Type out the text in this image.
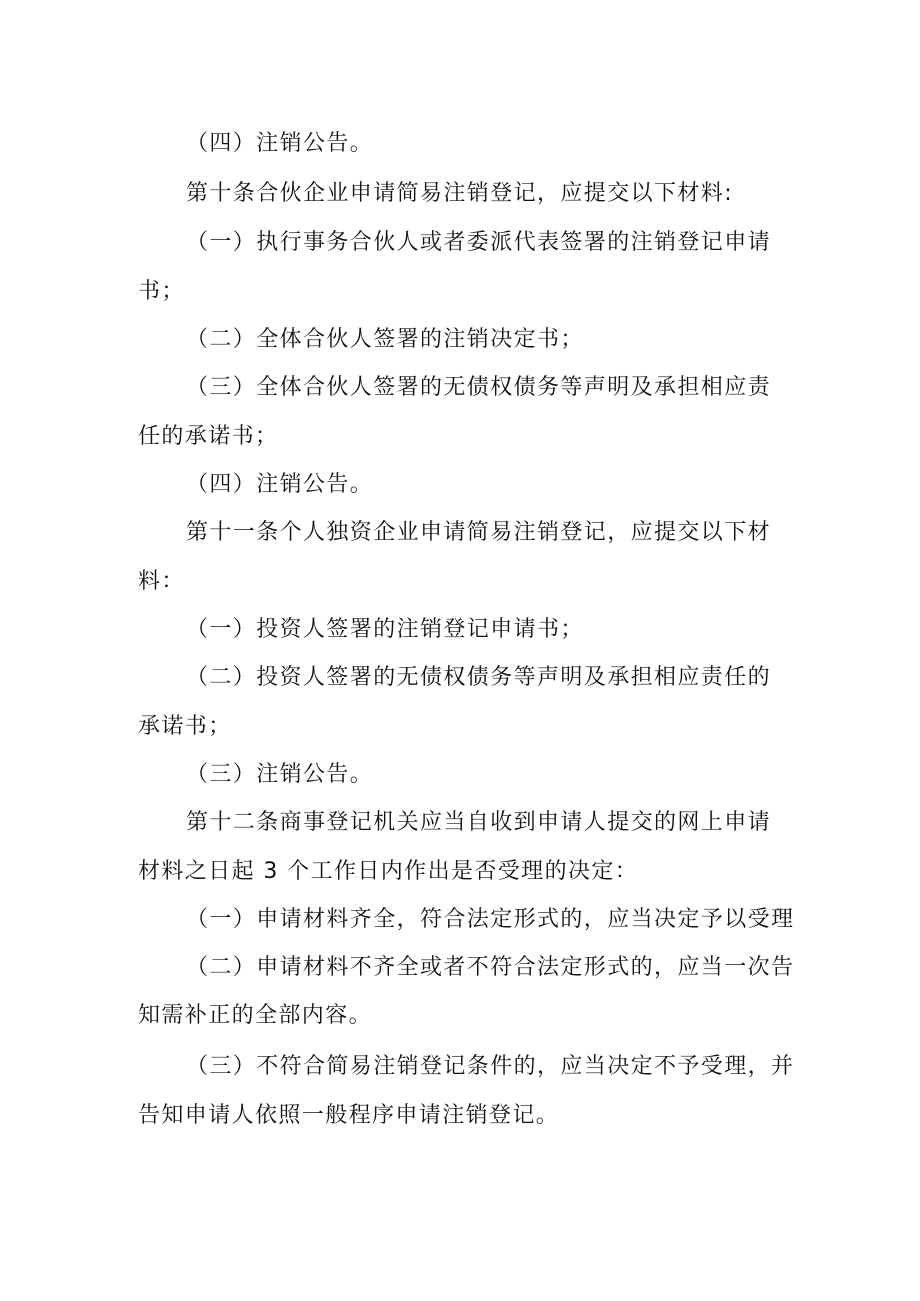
（四）注销公告。
第十条合伙企业申请简易注销登记，应提交以下材料:
（一）执行事务合伙人或者委派代表签署的注销登记申请
书；
（二）全体合伙人签署的注销决定书；
（三）全体合伙人签署的无债权债务等声明及承担相应责
任的承诺书；
（四）注销公告。
第十一条个人独资企业申请简易注销登记，应提交以下材
料：
（一）投资人签署的注销登记申请书；
（二）投资人签署的无债权债务等声明及承担相应责任的
承诺书；
（三）注销公告。
第十二条商事登记机关应当自收到申请人提交的网上申请
材料之日起 3 个工作日内作出是否受理的决定：
（一）申请材料齐全，符合法定形式的，应当决定予以受理
（二）申请材料不齐全或者不符合法定形式的，应当一次告
知需补正的全部内容。
（三）不符合简易注销登记条件的，应当决定不予受理，并
告知申请人依照一般程序申请注销登记。
